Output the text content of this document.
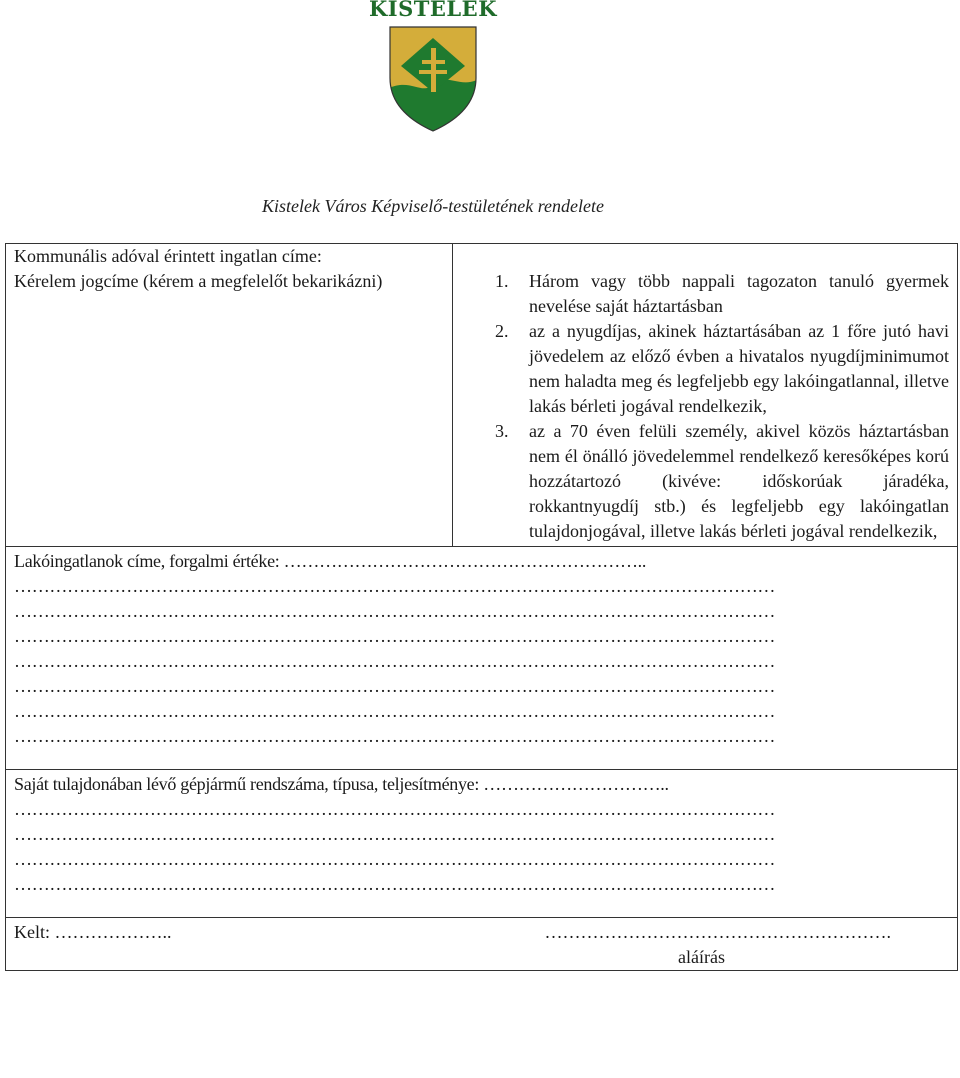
KISTELEK
Kistelek Város Képviselő-testületének rendelete
Kommunális adóval érintett ingatlan címe:
Kérelem jogcíme (kérem a megfelelőt bekarikázni)	1. Három vagy több nappali tagozaton tanuló gyermek nevelése saját háztartásban
2. az a nyugdíjas, akinek háztartásában az 1 főre jutó havi jövedelem az előző évben a hivatalos nyugdíjminimumot nem haladta meg és legfeljebb egy lakóingatlannal, illetve lakás bérleti jogával rendelkezik,
3. az a 70 éven felüli személy, akivel közös háztartásban nem él önálló jövedelemmel rendelkező keresőképes korú hozzátartozó (kivéve: időskorúak járadéka, rokkantnyugdíj stb.) és legfeljebb egy lakóingatlan tulajdonjogával, illetve lakás bérleti jogával rendelkezik,

Lakóingatlanok címe, forgalmi értéke: ……………………………………………………..
…………………………………………………………………………………………………………………
…………………………………………………………………………………………………………………
…………………………………………………………………………………………………………………
…………………………………………………………………………………………………………………
…………………………………………………………………………………………………………………
…………………………………………………………………………………………………………………
…………………………………………………………………………………………………………………

Saját tulajdonában lévő gépjármű rendszáma, típusa, teljesítménye: …………………………..
…………………………………………………………………………………………………………………
…………………………………………………………………………………………………………………
…………………………………………………………………………………………………………………
…………………………………………………………………………………………………………………

Kelt: ………………..	………………………………………………….
aláírás
